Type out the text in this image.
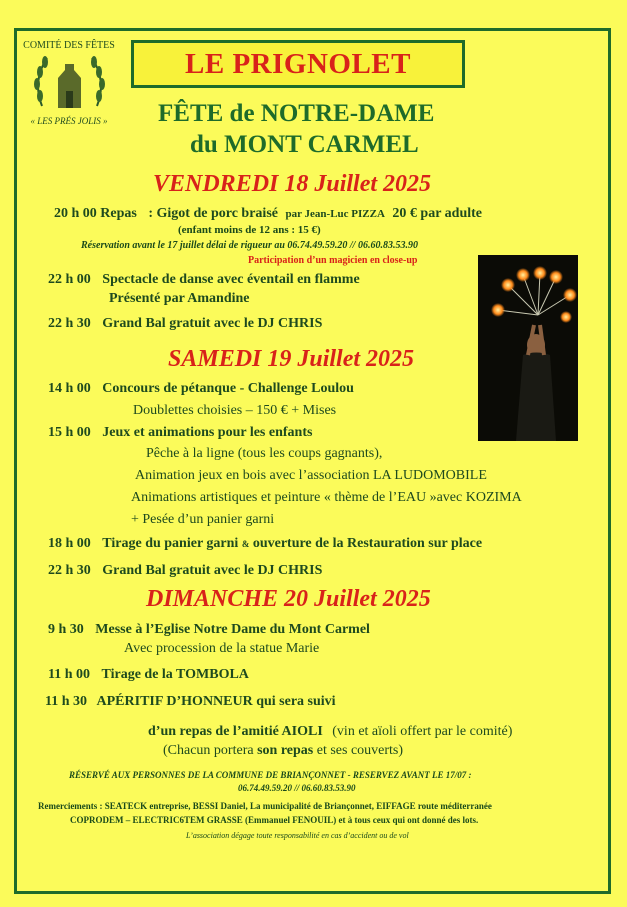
COMITÉ DES FÊTES
« LES PRÉS JOLIS »
LE PRIGNOLET
FÊTE de NOTRE-DAME
du MONT CARMEL
VENDREDI 18 Juillet 2025
20 h 00 Repas : Gigot de porc braisé par Jean-Luc PIZZA 20 € par adulte
(enfant moins de 12 ans : 15 €)
Réservation avant le 17 juillet délai de rigueur au 06.74.49.59.20 // 06.60.83.53.90
Participation d’un magicien en close-up
22 h 00 Spectacle de danse avec éventail en flamme
Présenté par Amandine
22 h 30 Grand Bal gratuit avec le DJ CHRIS
SAMEDI 19 Juillet 2025
14 h 00 Concours de pétanque - Challenge Loulou
Doublettes choisies – 150 € + Mises
15 h 00 Jeux et animations pour les enfants
Pêche à la ligne (tous les coups gagnants),
Animation jeux en bois avec l’association LA LUDOMOBILE
Animations artistiques et peinture « thème de l’EAU »avec KOZIMA
+ Pesée d’un panier garni
18 h 00 Tirage du panier garni & ouverture de la Restauration sur place
22 h 30 Grand Bal gratuit avec le DJ CHRIS
DIMANCHE 20 Juillet 2025
9 h 30 Messe à l’Eglise Notre Dame du Mont Carmel
Avec procession de la statue Marie
11 h 00 Tirage de la TOMBOLA
11 h 30 APÉRITIF D’HONNEUR qui sera suivi
d’un repas de l’amitié AIOLI (vin et aïoli offert par le comité)
(Chacun portera son repas et ses couverts)
RÉSERVÉ AUX PERSONNES DE LA COMMUNE DE BRIANÇONNET - RESERVEZ AVANT LE 17/07 :
06.74.49.59.20 // 06.60.83.53.90
Remerciements : SEATECK entreprise, BESSI Daniel, La municipalité de Briançonnet, EIFFAGE route méditerranée
COPRODEM – ELECTRIC6TEM GRASSE (Emmanuel FENOUIL) et à tous ceux qui ont donné des lots.
L’association dégage toute responsabilité en cas d’accident ou de vol
